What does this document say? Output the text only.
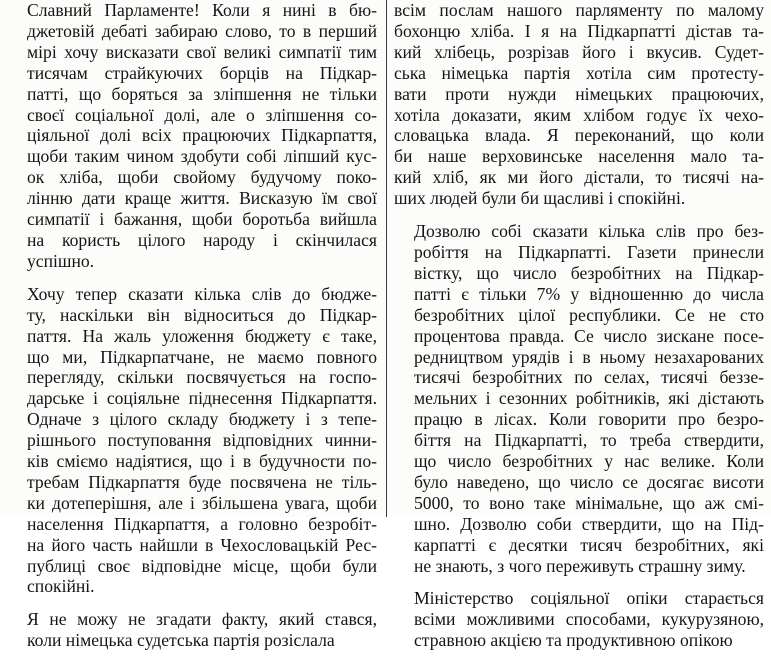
Славний Парламенте! Коли я нині в бю-
джетовій дебаті забираю слово, то в перший
мірі хочу висказати свої великі симпатії тим
тисячам страйкуючих борців на Підкар-
патті, що боряться за зліпшення не тільки
своєї соціальної долі, але о зліпшення со-
ціяльної долі всіх працюючих Підкарпаття,
щоби таким чином здобути собі ліпший кус-
ок хліба, щоби свойому будучому поко-
лінню дати краще життя. Висказую їм свої
симпатії і бажання, щоби боротьба вийшла
на користь цілого народу і скінчилася
успішно.
Хочу тепер сказати кілька слів до бюдже-
ту, наскільки він відноситься до Підкар-
паття. На жаль уложення бюджету є таке,
що ми, Підкарпатчане, не маємо повного
перегляду, скільки посвячується на госпо-
дарське і соціяльне піднесення Підкарпаття.
Одначе з цілого складу бюджету і з тепе-
рішнього поступовання відповідних чинни-
ків сміємо надіятися, що і в будучности по-
требам Підкарпаття буде посвячена не тіль-
ки дотеперішня, але і збільшена увага, щоби
населення Підкарпаття, а головно безробіт-
на його часть найшли в Чехословацькій Рес-
публиці своє відповідне місце, щоби були
спокійні.
Я не можу не згадати факту, який стався,
коли німецька судетська партія розіслала
всім послам нашого парляменту по малому
бохонцю хліба. І я на Підкарпатті дістав та-
кий хлібець, розрізав його і вкусив. Судет-
ська німецька партія хотіла сим протесту-
вати проти нужди німецьких працюючих,
хотіла доказати, яким хлібом годує їх чехо-
словацька влада. Я переконаний, що коли
би наше верховинське населення мало та-
кий хліб, як ми його дістали, то тисячі на-
ших людей були би щасливі і спокійні.
Дозволю собі сказати кілька слів про без-
робіття на Підкарпатті. Газети принесли
вістку, що число безробітних на Підкар-
патті є тільки 7% у відношенню до числа
безробітних цілої республики. Се не сто
процентова правда. Се число зискане посе-
редництвом урядів і в ньому незахарованих
тисячі безробітних по селах, тисячі беззе-
мельних і сезонних робітників, які дістають
працю в лісах. Коли говорити про безро-
біття на Підкарпатті, то треба ствердити,
що число безробітних у нас велике. Коли
було наведено, що число се досягає висоти
5000, то воно таке мінімальне, що аж смі-
шно. Дозволю соби ствердити, що на Під-
карпатті є десятки тисяч безробітних, які
не знають, з чого переживуть страшну зиму.
Міністерство соціяльної опіки старається
всіми можливими способами, кукурузяною,
стравною акцією та продуктивною опікою
